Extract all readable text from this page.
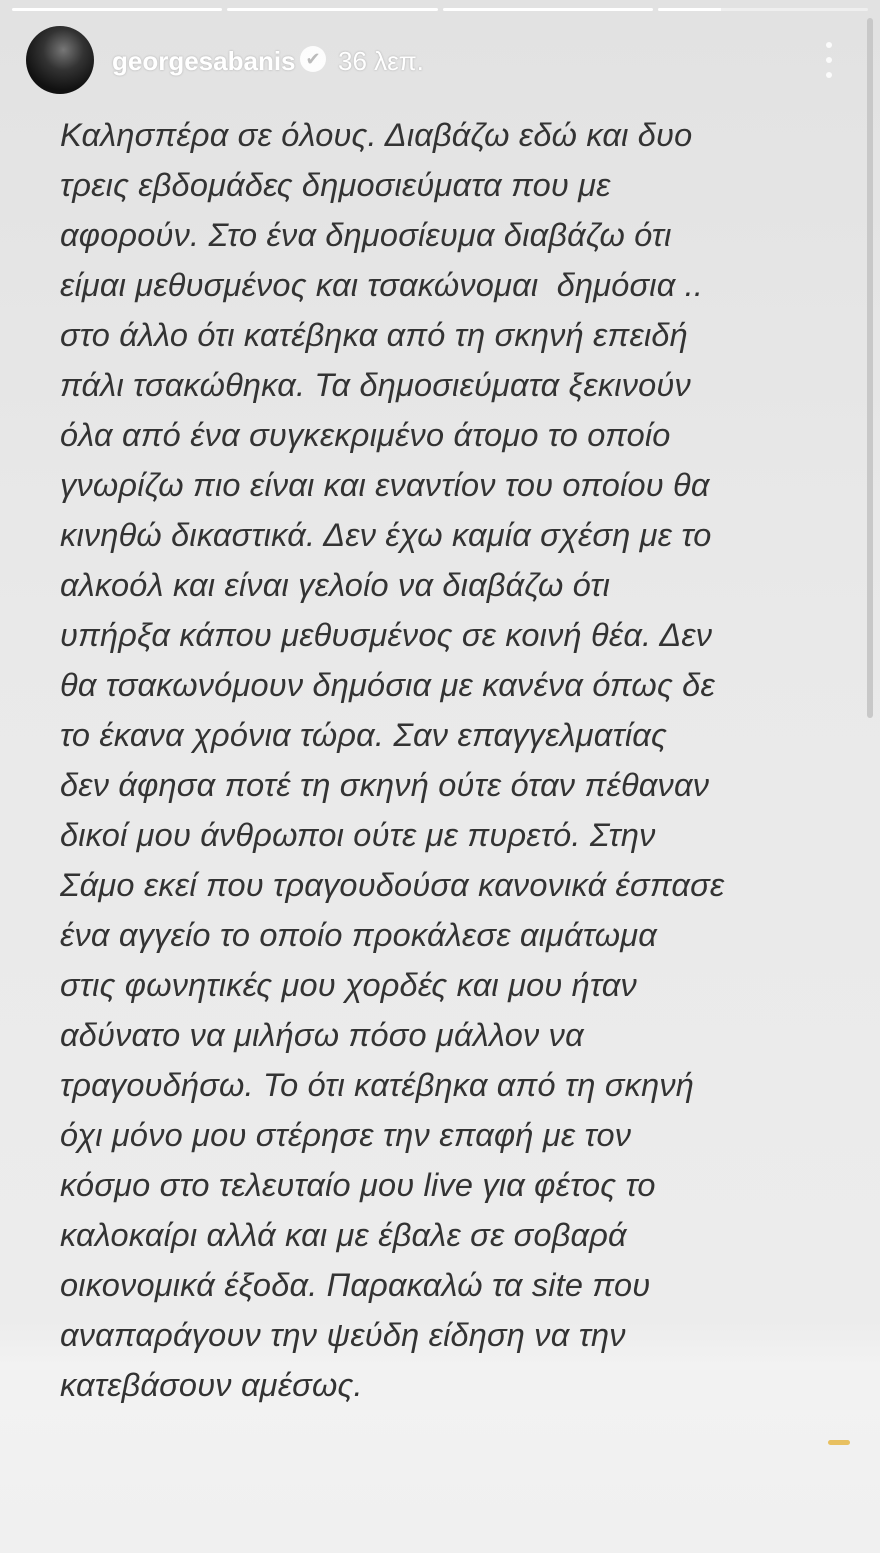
georgesabanis ✔ 36 λεπ.
Καλησπέρα σε όλους. Διαβάζω εδώ και δυο
τρεις εβδομάδες δημοσιεύματα που με
αφορούν. Στο ένα δημοσίευμα διαβάζω ότι
είμαι μεθυσμένος και τσακώνομαι  δημόσια ..
στο άλλο ότι κατέβηκα από τη σκηνή επειδή
πάλι τσακώθηκα. Τα δημοσιεύματα ξεκινούν
όλα από ένα συγκεκριμένο άτομο το οποίο
γνωρίζω πιο είναι και εναντίον του οποίου θα
κινηθώ δικαστικά. Δεν έχω καμία σχέση με το
αλκοόλ και είναι γελοίο να διαβάζω ότι
υπήρξα κάπου μεθυσμένος σε κοινή θέα. Δεν
θα τσακωνόμουν δημόσια με κανένα όπως δε
το έκανα χρόνια τώρα. Σαν επαγγελματίας
δεν άφησα ποτέ τη σκηνή ούτε όταν πέθαναν
δικοί μου άνθρωποι ούτε με πυρετό. Στην
Σάμο εκεί που τραγουδούσα κανονικά έσπασε
ένα αγγείο το οποίο προκάλεσε αιμάτωμα
στις φωνητικές μου χορδές και μου ήταν
αδύνατο να μιλήσω πόσο μάλλον να
τραγουδήσω. Το ότι κατέβηκα από τη σκηνή
όχι μόνο μου στέρησε την επαφή με τον
κόσμο στο τελευταίο μου live για φέτος το
καλοκαίρι αλλά και με έβαλε σε σοβαρά
οικονομικά έξοδα. Παρακαλώ τα site που
αναπαράγουν την ψεύδη είδηση να την
κατεβάσουν αμέσως.
